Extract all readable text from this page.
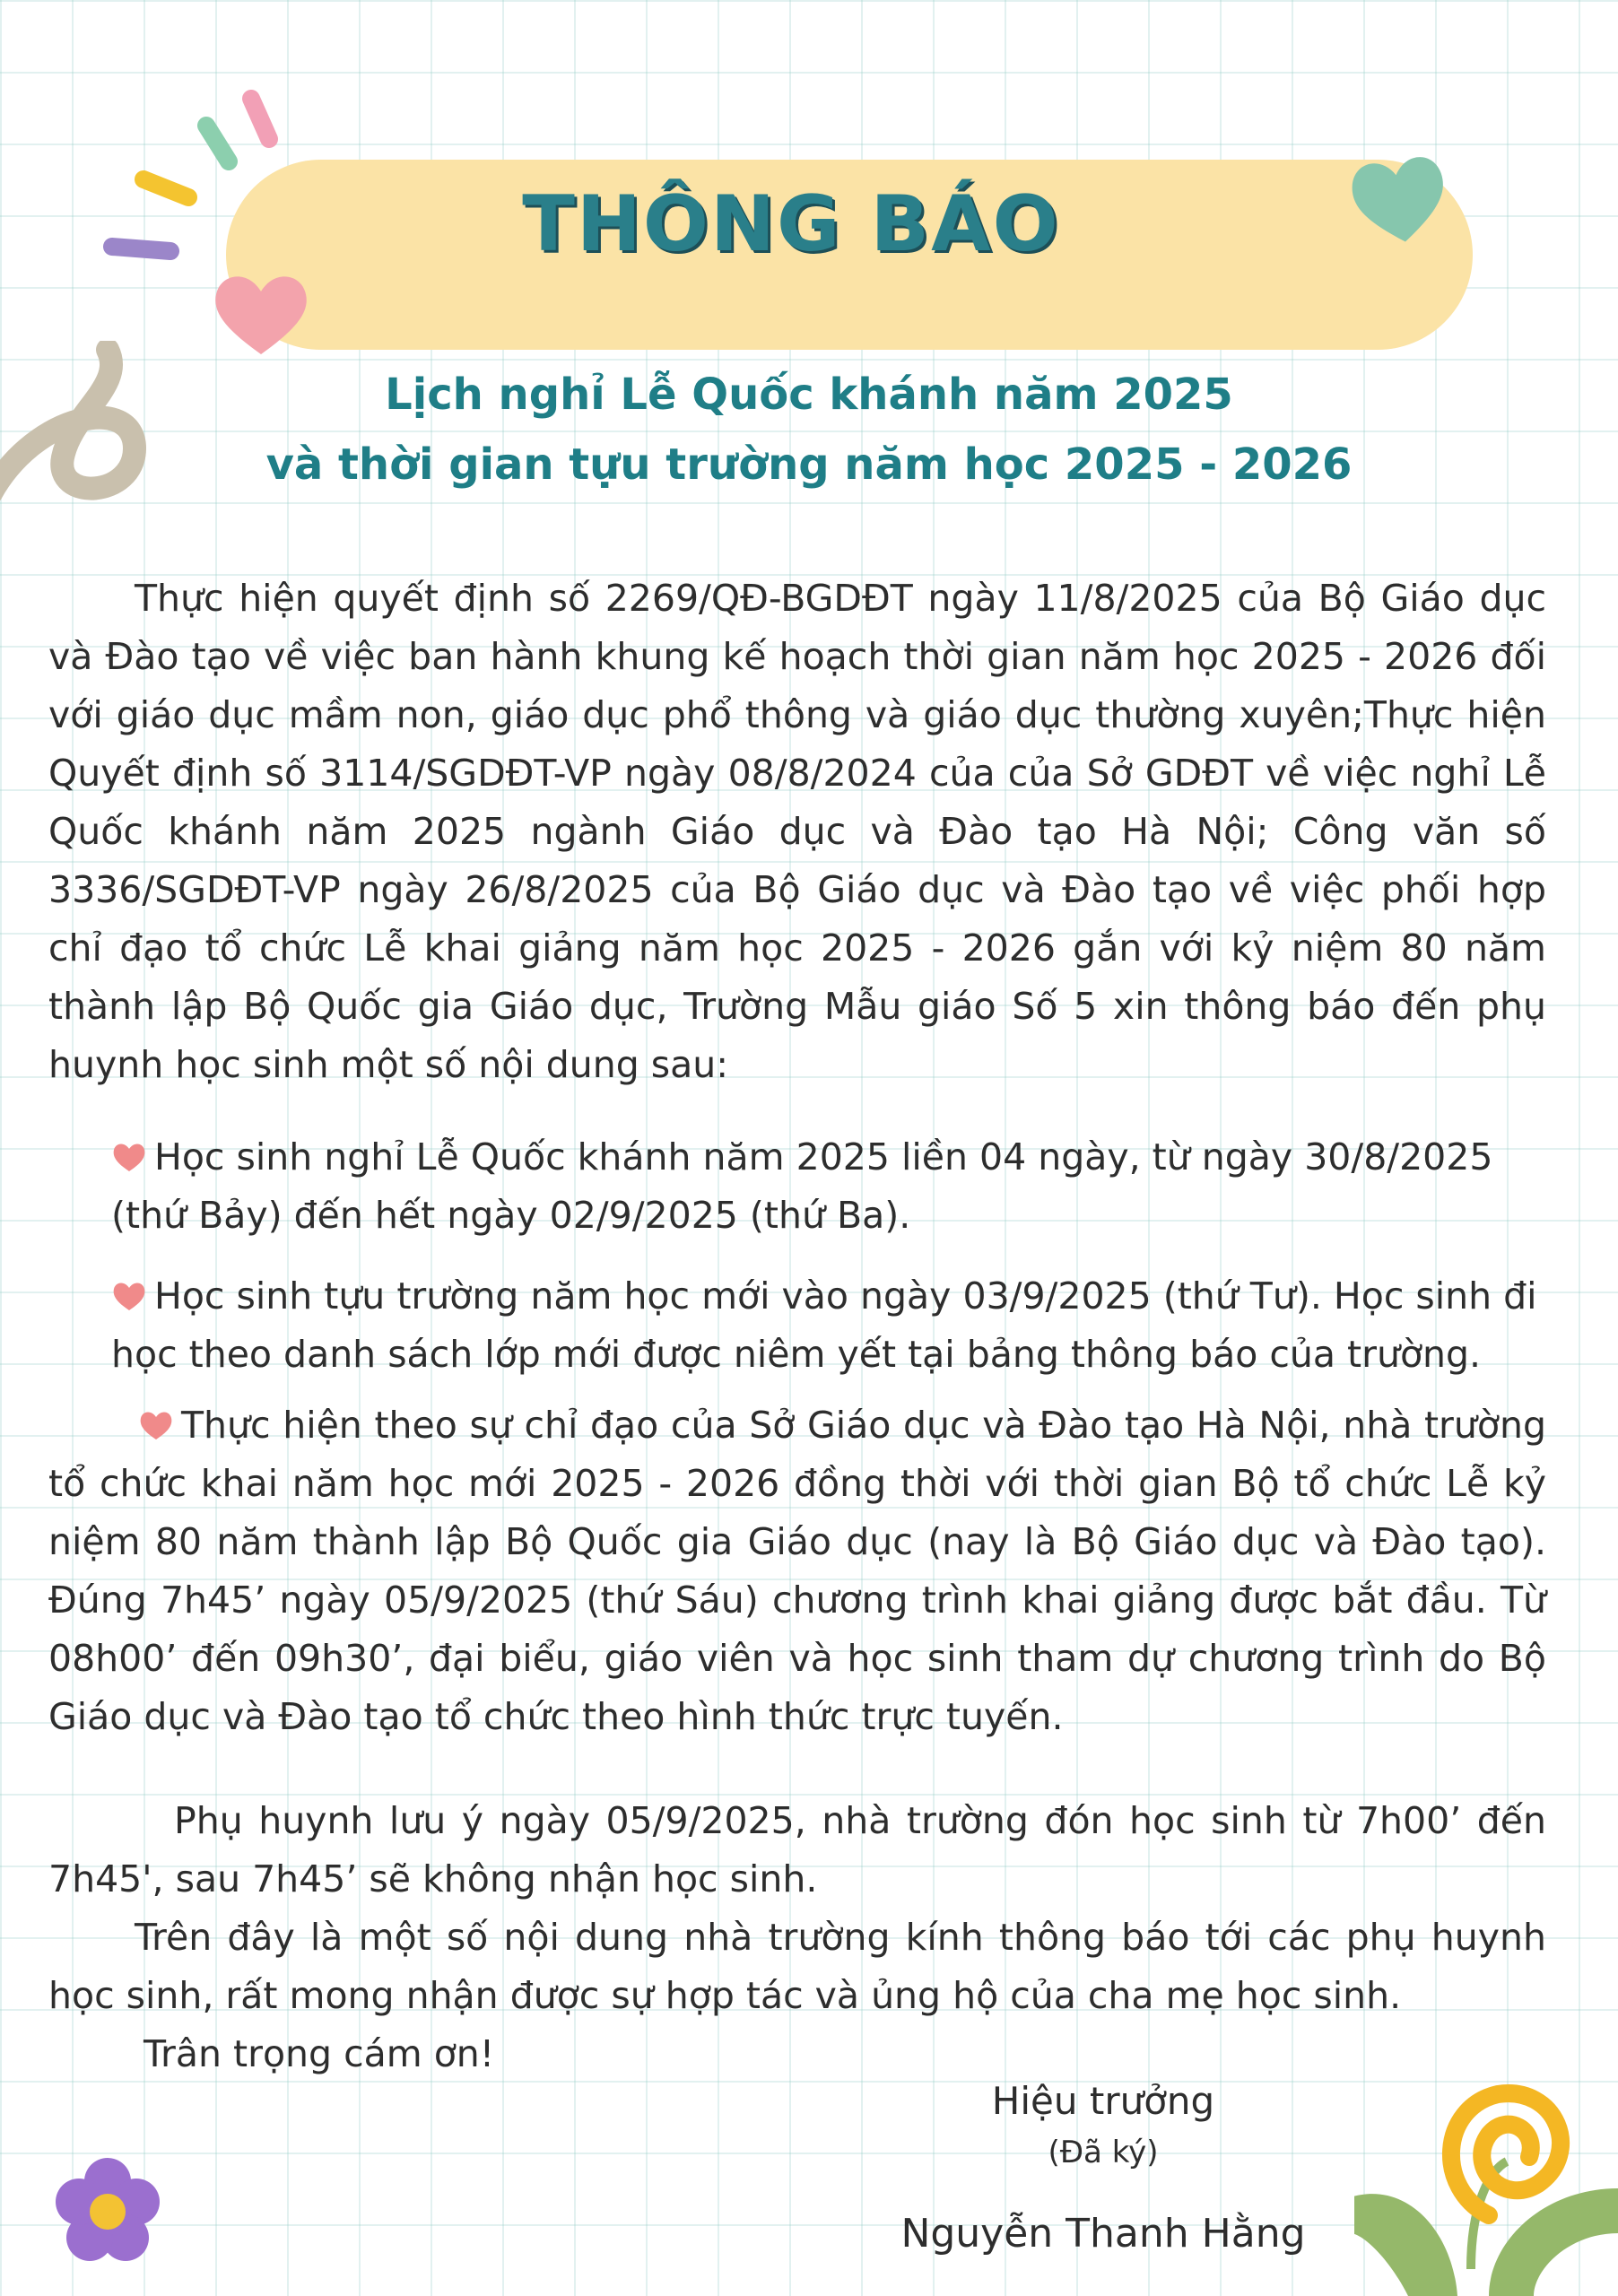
THÔNG BÁO
Lịch nghỉ Lễ Quốc khánh năm 2025
và thời gian tựu trường năm học 2025 - 2026

Thực hiện quyết định số 2269/QĐ-BGDĐT ngày 11/8/2025 của Bộ Giáo dục và Đào tạo về việc ban hành khung kế hoạch thời gian năm học 2025 - 2026 đối với giáo dục mầm non, giáo dục phổ thông và giáo dục thường xuyên;Thực hiện Quyết định số 3114/SGDĐT-VP ngày 08/8/2024 của của Sở GDĐT về việc nghỉ Lễ Quốc khánh năm 2025 ngành Giáo dục và Đào tạo Hà Nội; Công văn số 3336/SGDĐT-VP ngày 26/8/2025 của Bộ Giáo dục và Đào tạo về việc phối hợp chỉ đạo tổ chức Lễ khai giảng năm học 2025 - 2026 gắn với kỷ niệm 80 năm thành lập Bộ Quốc gia Giáo dục, Trường Mẫu giáo Số 5 xin thông báo đến phụ huynh học sinh một số nội dung sau:

Học sinh nghỉ Lễ Quốc khánh năm 2025 liền 04 ngày, từ ngày 30/8/2025 (thứ Bảy) đến hết ngày 02/9/2025 (thứ Ba).

Học sinh tựu trường năm học mới vào ngày 03/9/2025 (thứ Tư). Học sinh đi học theo danh sách lớp mới được niêm yết tại bảng thông báo của trường.

Thực hiện theo sự chỉ đạo của Sở Giáo dục và Đào tạo Hà Nội, nhà trường tổ chức khai năm học mới 2025 - 2026 đồng thời với thời gian Bộ tổ chức Lễ kỷ niệm 80 năm thành lập Bộ Quốc gia Giáo dục (nay là Bộ Giáo dục và Đào tạo). Đúng 7h45’ ngày 05/9/2025 (thứ Sáu) chương trình khai giảng được bắt đầu. Từ 08h00’ đến 09h30’, đại biểu, giáo viên và học sinh tham dự chương trình do Bộ Giáo dục và Đào tạo tổ chức theo hình thức trực tuyến.

Phụ huynh lưu ý ngày 05/9/2025, nhà trường đón học sinh từ 7h00’ đến 7h45', sau 7h45’ sẽ không nhận học sinh.

Trên đây là một số nội dung nhà trường kính thông báo tới các phụ huynh học sinh, rất mong nhận được sự hợp tác và ủng hộ của cha mẹ học sinh.

Trân trọng cám ơn!
Hiệu trưởng
(Đã ký)
Nguyễn Thanh Hằng
